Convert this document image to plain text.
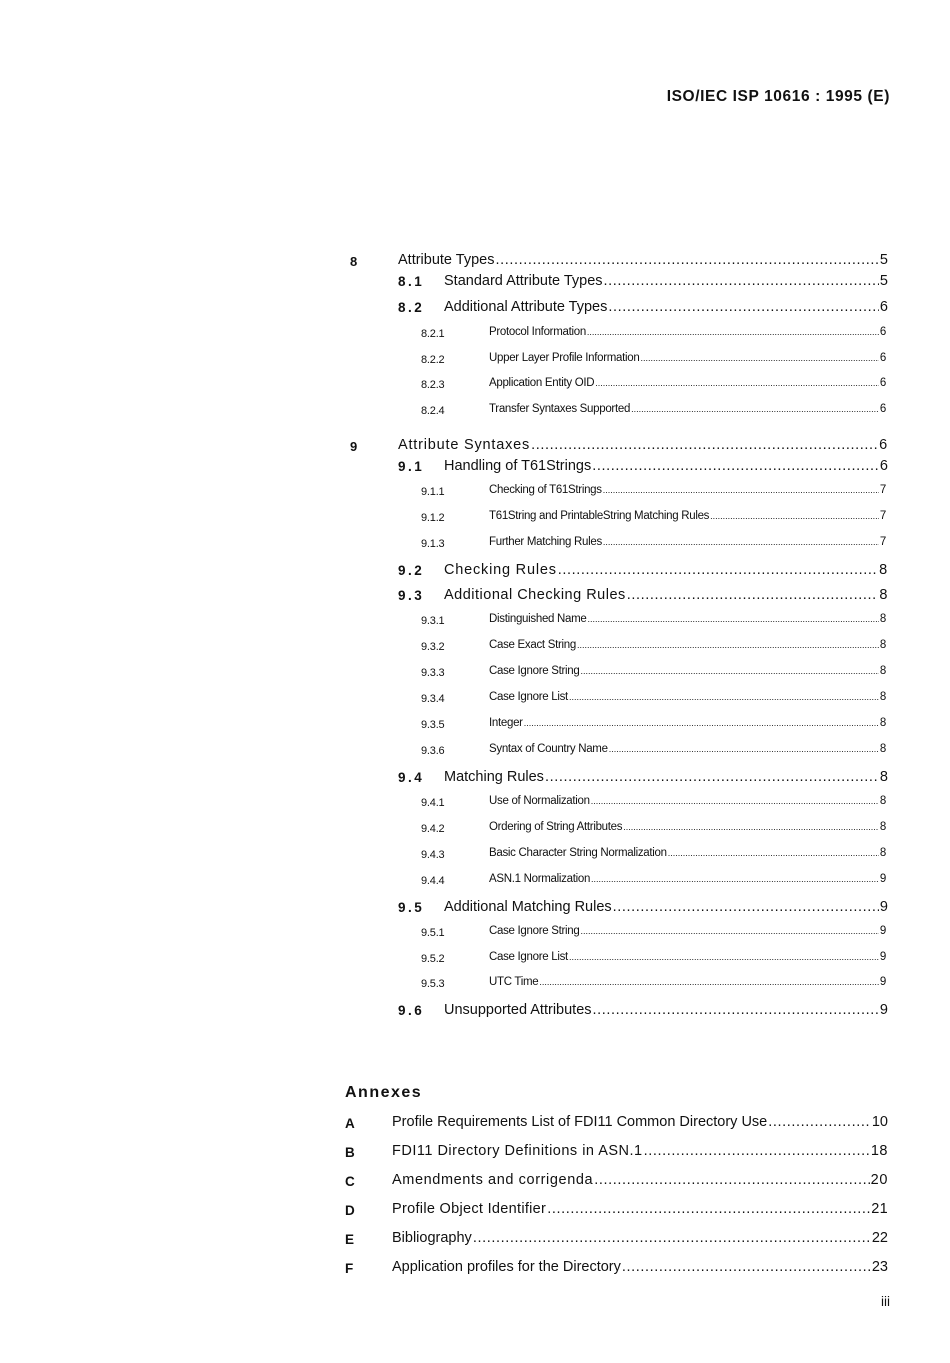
ISO/IEC ISP 10616 : 1995 (E)
8	Attribute Types .....	5
8.1 Standard Attribute Types .....	5
8.2 Additional Attribute Types .....	6
8.2.1	Protocol Information .....	6
8.2.2	Upper Layer Profile Information .....	6
8.2.3	Application Entity OID .....	6
8.2.4	Transfer Syntaxes Supported .....	6
9	Attribute Syntaxes .....	6
9.1 Handling of T61Strings .....	6
9.1.1	Checking of T61Strings .....	7
9.1.2	T61String and PrintableString Matching Rules .....	7
9.1.3	Further Matching Rules .....	7
9.2 Checking Rules .....	8
9.3 Additional Checking Rules .....	8
9.3.1	Distinguished Name .....	8
9.3.2	Case Exact String .....	8
9.3.3	Case Ignore String .....	8
9.3.4	Case Ignore List .....	8
9.3.5	Integer .....	8
9.3.6	Syntax of Country Name .....	8
9.4 Matching Rules .....	8
9.4.1	Use of Normalization .....	8
9.4.2	Ordering of String Attributes .....	8
9.4.3	Basic Character String Normalization .....	8
9.4.4	ASN.1 Normalization .....	9
9.5 Additional Matching Rules .....	9
9.5.1	Case Ignore String .....	9
9.5.2	Case Ignore List .....	9
9.5.3	UTC Time .....	9
9.6 Unsupported Attributes .....	9
Annexes
A	Profile Requirements List of FDI11 Common Directory Use .....	10
B	FDI11 Directory Definitions in ASN.1 .....	18
C	Amendments and corrigenda .....	20
D	Profile Object Identifier .....	21
E	Bibliography .....	22
F	Application profiles for the Directory .....	23
iii
